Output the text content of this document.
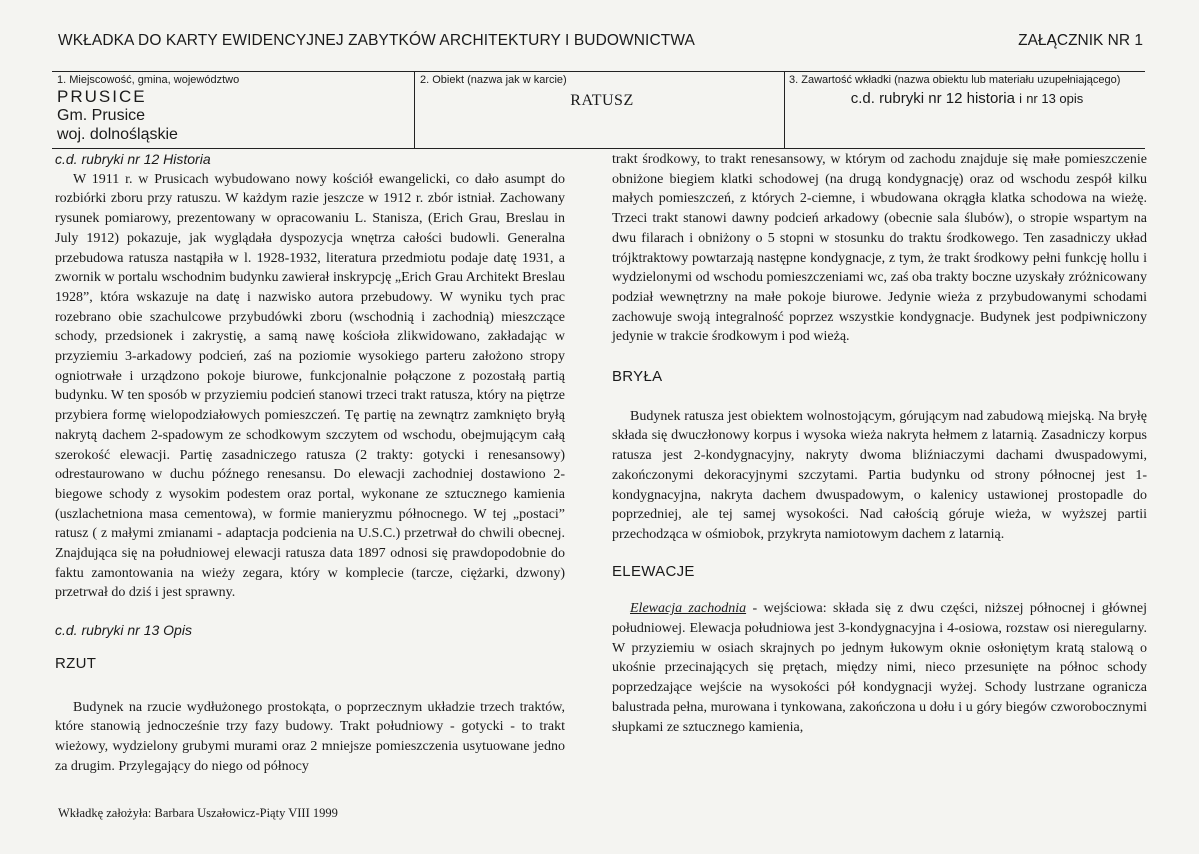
WKŁADKA DO KARTY EWIDENCYJNEJ ZABYTKÓW ARCHITEKTURY I BUDOWNICTWA	ZAŁĄCZNIK NR 1
1. Miejscowość, gmina, województwo
PRUSICE
Gm. Prusice
woj. dolnośląskie
2. Obiekt (nazwa jak w karcie)
RATUSZ
3. Zawartość wkładki (nazwa obiektu lub materiału uzupełniającego)
c.d. rubryki nr 12 historia i nr 13 opis
c.d. rubryki nr 12 Historia

W 1911 r. w Prusicach wybudowano nowy kościół ewangelicki, co dało asumpt do rozbiórki zboru przy ratuszu. W każdym razie jeszcze w 1912 r. zbór istniał. Zachowany rysunek pomiarowy, prezentowany w opracowaniu L. Stanisza, (Erich Grau, Breslau in July 1912) pokazuje, jak wyglądała dyspozycja wnętrza całości budowli. Generalna przebudowa ratusza nastąpiła w l. 1928-1932, literatura przedmiotu podaje datę 1931, a zwornik w portalu wschodnim budynku zawierał inskrypcję „Erich Grau Architekt Breslau 1928”, która wskazuje na datę i nazwisko autora przebudowy. W wyniku tych prac rozebrano obie szachulcowe przybudówki zboru (wschodnią i zachodnią) mieszczące schody, przedsionek i zakrystię, a samą nawę kościoła zlikwidowano, zakładając w przyziemiu 3-arkadowy podcień, zaś na poziomie wysokiego parteru założono stropy ogniotrwałe i urządzono pokoje biurowe, funkcjonalnie połączone z pozostałą partią budynku. W ten sposób w przyziemiu podcień stanowi trzeci trakt ratusza, który na piętrze przybiera formę wielopodziałowych pomieszczeń. Tę partię na zewnątrz zamknięto bryłą nakrytą dachem 2-spadowym ze schodkowym szczytem od wschodu, obejmującym całą szerokość elewacji. Partię zasadniczego ratusza (2 trakty: gotycki i renesansowy) odrestaurowano w duchu późnego renesansu. Do elewacji zachodniej dostawiono 2-biegowe schody z wysokim podestem oraz portal, wykonane ze sztucznego kamienia (uszlachetniona masa cementowa), w formie manieryzmu północnego. W tej „postaci” ratusz ( z małymi zmianami - adaptacja podcienia na U.S.C.) przetrwał do chwili obecnej. Znajdująca się na południowej elewacji ratusza data 1897 odnosi się prawdopodobnie do faktu zamontowania na wieży zegara, który w komplecie (tarcze, ciężarki, dzwony) przetrwał do dziś i jest sprawny.

c.d. rubryki nr 13 Opis
RZUT

Budynek na rzucie wydłużonego prostokąta, o poprzecznym układzie trzech traktów, które stanowią jednocześnie trzy fazy budowy. Trakt południowy - gotycki - to trakt wieżowy, wydzielony grubymi murami oraz 2 mniejsze pomieszczenia usytuowane jedno za drugim. Przylegający do niego od północy

trakt środkowy, to trakt renesansowy, w którym od zachodu znajduje się małe pomieszczenie obniżone biegiem klatki schodowej (na drugą kondygnację) oraz od wschodu zespół kilku małych pomieszczeń, z których 2-ciemne, i wbudowana okrągła klatka schodowa na wieżę. Trzeci trakt stanowi dawny podcień arkadowy (obecnie sala ślubów), o stropie wspartym na dwu filarach i obniżony o 5 stopni w stosunku do traktu środkowego. Ten zasadniczy układ trójktraktowy powtarzają następne kondygnacje, z tym, że trakt środkowy pełni funkcję hollu i wydzielonymi od wschodu pomieszczeniami wc, zaś oba trakty boczne uzyskały zróżnicowany podział wewnętrzny na małe pokoje biurowe. Jedynie wieża z przybudowanymi schodami zachowuje swoją integralność poprzez wszystkie kondygnacje. Budynek jest podpiwniczony jedynie w trakcie środkowym i pod wieżą.

BRYŁA

Budynek ratusza jest obiektem wolnostojącym, górującym nad zabudową miejską. Na bryłę składa się dwuczłonowy korpus i wysoka wieża nakryta hełmem z latarnią. Zasadniczy korpus ratusza jest 2-kondygnacyjny, nakryty dwoma bliźniaczymi dachami dwuspadowymi, zakończonymi dekoracyjnymi szczytami. Partia budynku od strony północnej jest 1-kondygnacyjna, nakryta dachem dwuspadowym, o kalenicy ustawionej prostopadle do poprzedniej, ale tej samej wysokości. Nad całością góruje wieża, w wyższej partii przechodząca w ośmiobok, przykryta namiotowym dachem z latarnią.

ELEWACJE

Elewacja zachodnia - wejściowa: składa się z dwu części, niższej północnej i głównej południowej. Elewacja południowa jest 3-kondygnacyjna i 4-osiowa, rozstaw osi nieregularny. W przyziemiu w osiach skrajnych po jednym łukowym oknie osłoniętym kratą stalową o ukośnie przecinających się prętach, między nimi, nieco przesunięte na północ schody poprzedzające wejście na wysokości pół kondygnacji wyżej. Schody lustrzane ogranicza balustrada pełna, murowana i tynkowana, zakończona u dołu i u góry biegów czworobocznymi słupkami ze sztucznego kamienia,

Wkładkę założyła: Barbara Uszałowicz-Piąty VIII 1999
